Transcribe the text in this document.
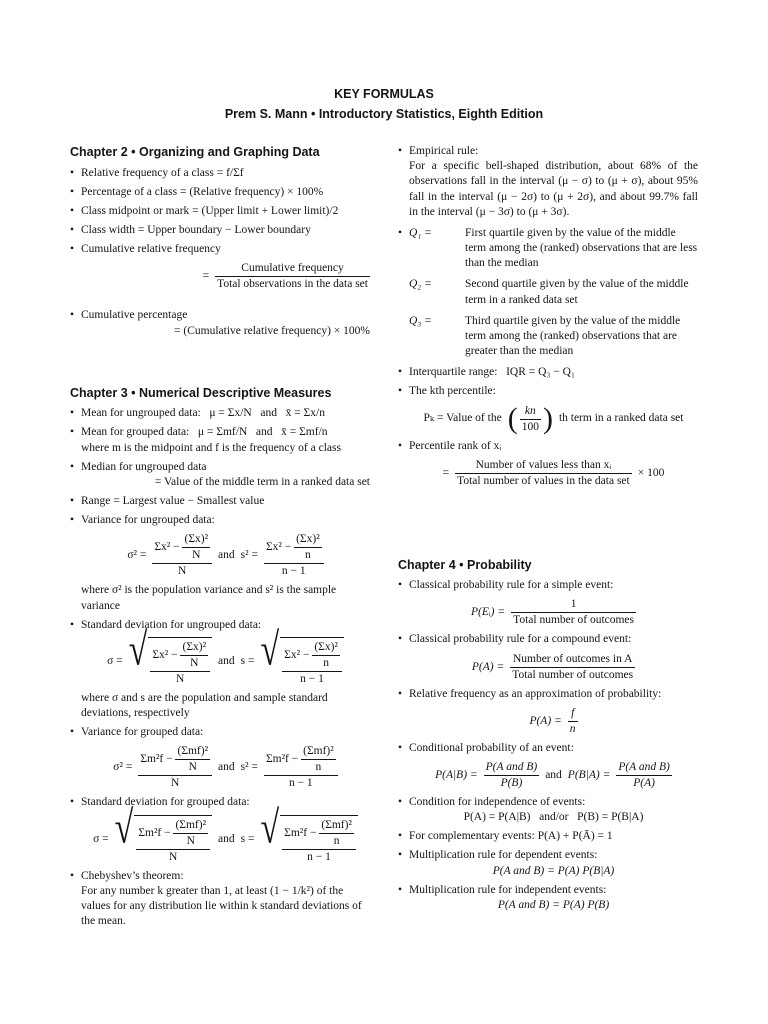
KEY FORMULAS
Prem S. Mann • Introductory Statistics, Eighth Edition
Chapter 2 • Organizing and Graphing Data
• Relative frequency of a class = f/Σf
• Percentage of a class = (Relative frequency) × 100%
• Class midpoint or mark = (Upper limit + Lower limit)/2
• Class width = Upper boundary − Lower boundary
• Cumulative relative frequency
= $\frac{\text{Cumulative frequency}}{\text{Total observations in the data set}}$
• Cumulative percentage
= (Cumulative relative frequency) × 100%
Chapter 3 • Numerical Descriptive Measures
• Mean for ungrouped data:   μ = Σx/N   and   x̄ = Σx/n
• Mean for grouped data:   μ = Σmf/N   and   x̄ = Σmf/n
where m is the midpoint and f is the frequency of a class
• Median for ungrouped data
= Value of the middle term in a ranked data set
• Range = Largest value − Smallest value
• Variance for ungrouped data:
$\sigma^2 = \frac{\Sigma x^2 - \frac{\text{(Σx)²}}{N}}{N}$ and $s^2 = \frac{\Sigma x^2 - \frac{\text{(Σx)²}}{n}}{n - 1}$
where σ² is the population variance and s² is the sample variance
• Standard deviation for ungrouped data:
σ = √ $\frac{\Sigma x^2 - \frac{\text{(Σx)²}}{N}}{N}$ and s = √ $\frac{\Sigma x^2 - \frac{\text{(Σx)²}}{n}}{n - 1}$
where σ and s are the population and sample standard deviations, respectively
• Variance for grouped data:
$\sigma^2 = \frac{\Sigma m^2f - \frac{\text{(Σmf)²}}{N}}{N}$ and $s^2 = \frac{\Sigma m^2f - \frac{\text{(Σmf)²}}{n}}{n - 1}$
• Standard deviation for grouped data:
σ = √ $\frac{\Sigma m^2f - \frac{\text{(Σmf)²}}{N}}{N}$ and s = √ $\frac{\Sigma m^2f - \frac{\text{(Σmf)²}}{n}}{n - 1}$
• Chebyshev’s theorem:
For any number k greater than 1, at least (1 − 1/k²) of the values for any distribution lie within k standard deviations of the mean.
• Empirical rule:
For a specific bell-shaped distribution, about 68% of the observations fall in the interval (μ − σ) to (μ + σ), about 95% fall in the interval (μ − 2σ) to (μ + 2σ), and about 99.7% fall in the interval (μ − 3σ) to (μ + 3σ).
• Q₁ =	First quartile given by the value of the middle term among the (ranked) observations that are less than the median
Q₂ =	Second quartile given by the value of the middle term in a ranked data set
Q₃ =	Third quartile given by the value of the middle term among the (ranked) observations that are greater than the median
• Interquartile range:   IQR = Q₃ − Q₁
• The kth percentile:
Pₖ = Value of the ( $\frac{kn}{100}$ ) th term in a ranked data set
• Percentile rank of xᵢ
= $\frac{\text{Number of values less than xᵢ}}{\text{Total number of values in the data set}} \times 100$
Chapter 4 • Probability
• Classical probability rule for a simple event:
P(Eᵢ) = $\frac{1}{\text{Total number of outcomes}}$
• Classical probability rule for a compound event:
$P(A) = \frac{\text{Number of outcomes in A}}{\text{Total number of outcomes}}$
• Relative frequency as an approximation of probability:
$P(A) = \frac{f}{n}$
• Conditional probability of an event:
$P(A|B) = \frac{\text{P(A and B)}}{P(B)}$ and $P(B|A) = \frac{\text{P(A and B)}}{P(A)}$
• Condition for independence of events:
P(A) = P(A|B)   and/or   P(B) = P(B|A)
• For complementary events: P(A) + P(Ā) = 1
• Multiplication rule for dependent events:
P(A and B) = P(A) P(B|A)
• Multiplication rule for independent events:
P(A and B) = P(A) P(B)
